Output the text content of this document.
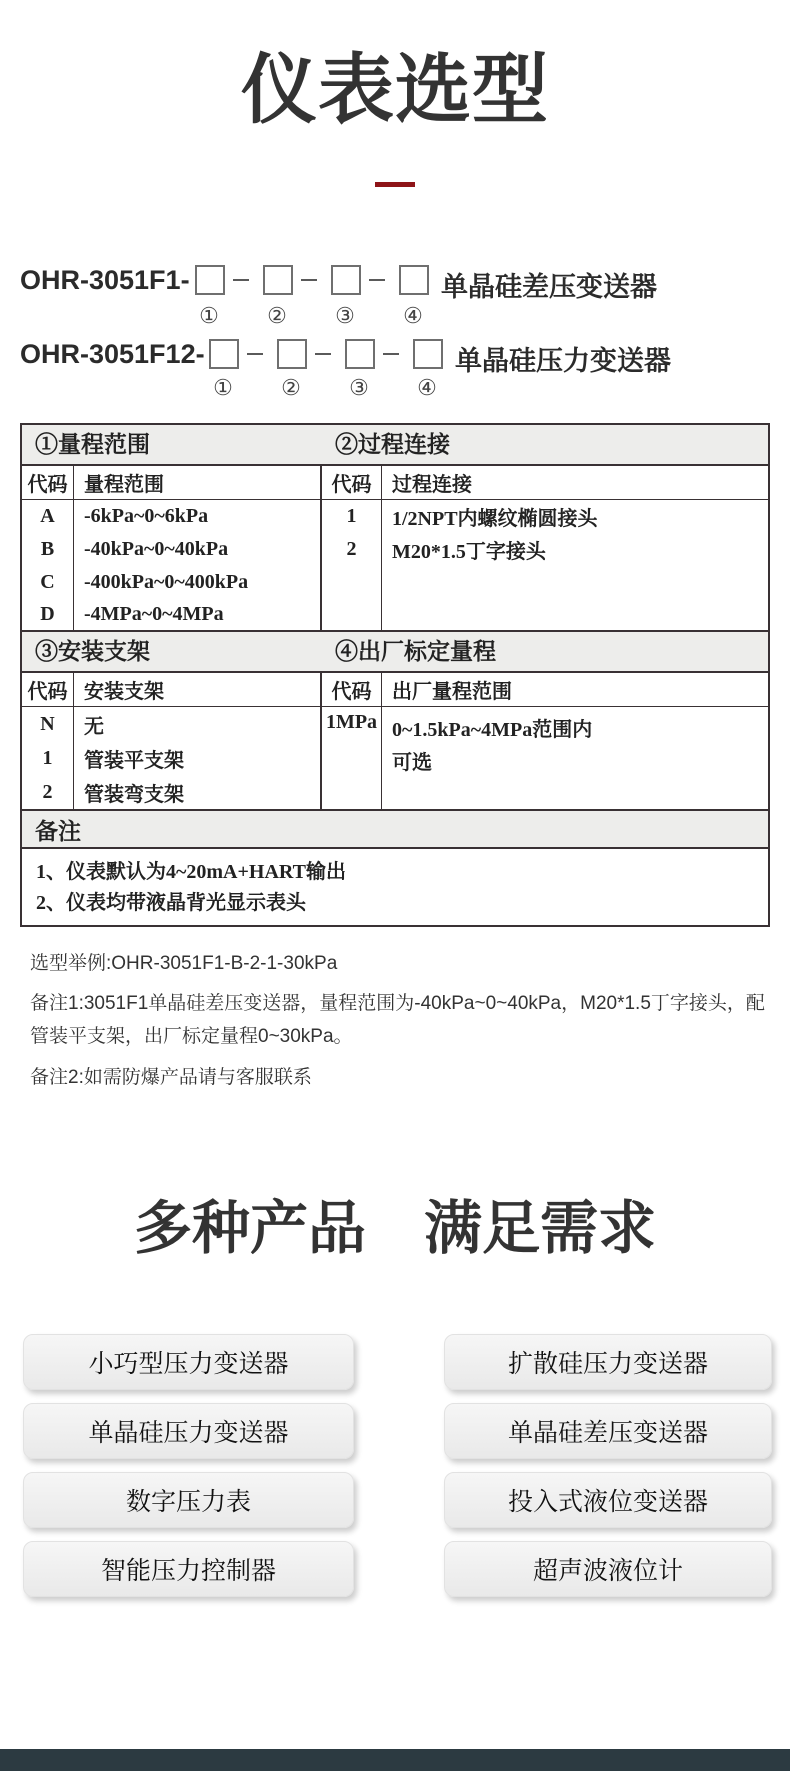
仪表选型
OHR-3051F1-	单晶硅差压变送器
① ② ③ ④
OHR-3051F12-	单晶硅压力变送器
① ② ③ ④
①量程范围	②过程连接
代码 量程范围
A	-6kPa~0~6kPa
B	-40kPa~0~40kPa
C	-400kPa~0~400kPa
D	-4MPa~0~4MPa
代码	过程连接
1	1/2NPT内螺纹椭圆接头
2	M20*1.5丁字接头
③安装支架	④出厂标定量程
代码 安装支架
N	无
1	管装平支架
2	管装弯支架
代码	出厂量程范围
1MPa 0~1.5kPa~4MPa范围内
可选
备注
1、仪表默认为4~20mA+HART输出
2、仪表均带液晶背光显示表头

选型举例:OHR-3051F1-B-2-1-30kPa

备注1:3051F1单晶硅差压变送器，量程范围为-40kPa~0~40kPa，M20*1.5丁字接头，配管装平支架，出厂标定量程0~30kPa。

备注2:如需防爆产品请与客服联系

多种产品　满足需求
小巧型压力变送器	扩散硅压力变送器
单晶硅压力变送器	单晶硅差压变送器
数字压力表	投入式液位变送器
智能压力控制器	超声波液位计
